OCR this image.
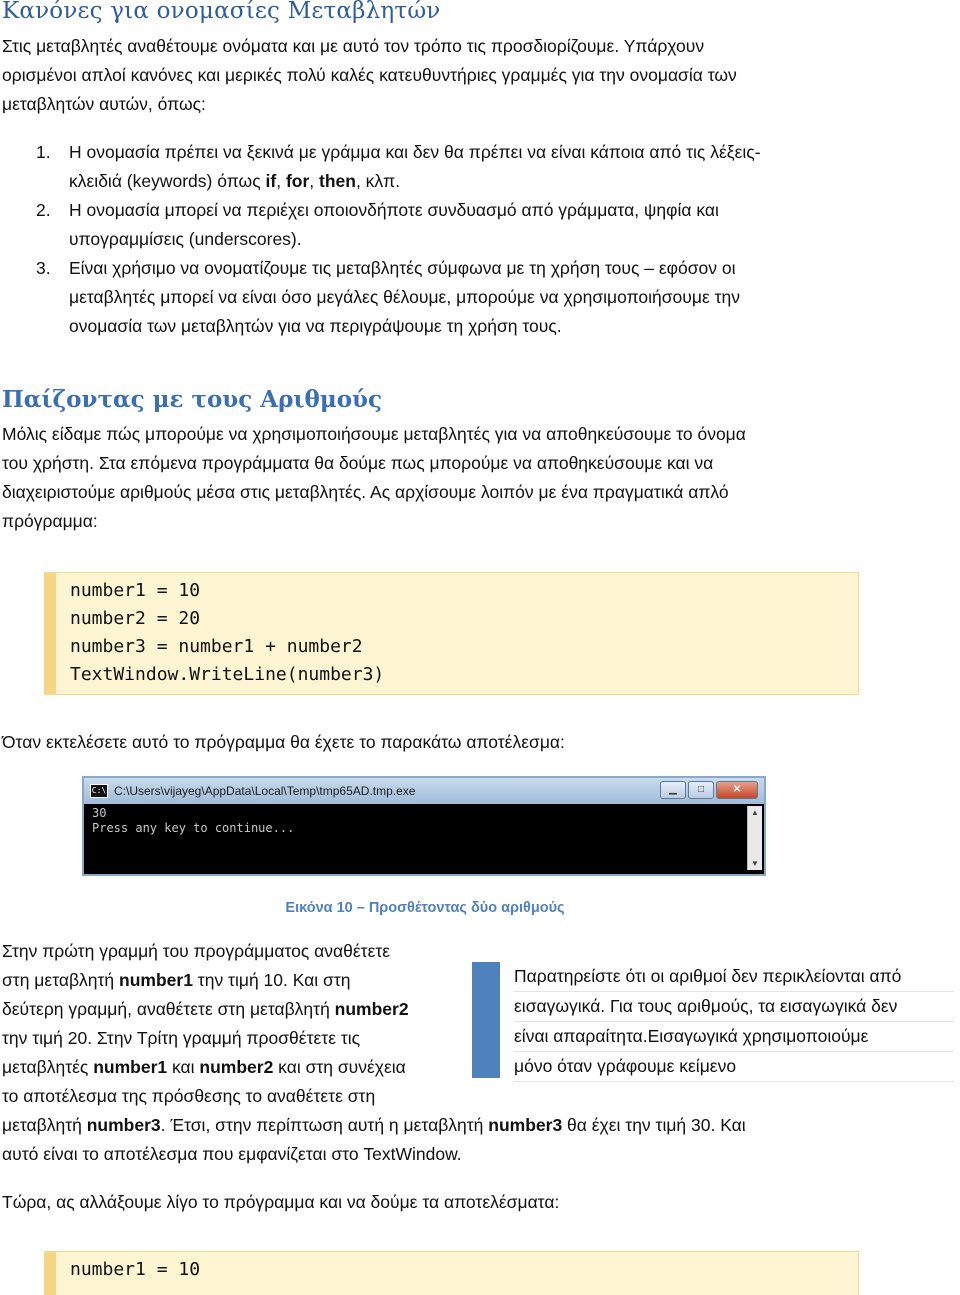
Κανόνες για ονομασίες Μεταβλητών
Στις μεταβλητές αναθέτουμε ονόματα και με αυτό τον τρόπο τις προσδιορίζουμε. Υπάρχουν
ορισμένοι απλοί κανόνες και μερικές πολύ καλές κατευθυντήριες γραμμές για την ονομασία των
μεταβλητών αυτών, όπως:
1. Η ονομασία πρέπει να ξεκινά με γράμμα και δεν θα πρέπει να είναι κάποια από τις λέξεις-
κλειδιά (keywords) όπως if, for, then, κλπ.
2. Η ονομασία μπορεί να περιέχει οποιονδήποτε συνδυασμό από γράμματα, ψηφία και
υπογραμμίσεις (underscores).
3. Είναι χρήσιμο να ονοματίζουμε τις μεταβλητές σύμφωνα με τη χρήση τους – εφόσον οι
μεταβλητές μπορεί να είναι όσο μεγάλες θέλουμε, μπορούμε να χρησιμοποιήσουμε την
ονομασία των μεταβλητών για να περιγράψουμε τη χρήση τους.
Παίζοντας με τους Αριθμούς
Μόλις είδαμε πώς μπορούμε να χρησιμοποιήσουμε μεταβλητές για να αποθηκεύσουμε το όνομα
του χρήστη. Στα επόμενα προγράμματα θα δούμε πως μπορούμε να αποθηκεύσουμε και να
διαχειριστούμε αριθμούς μέσα στις μεταβλητές. Ας αρχίσουμε λοιπόν με ένα πραγματικά απλό
πρόγραμμα:
number1 = 10
number2 = 20
number3 = number1 + number2
TextWindow.WriteLine(number3)
Όταν εκτελέσετε αυτό το πρόγραμμα θα έχετε το παρακάτω αποτέλεσμα:
C:\ C:\Users\vijayeg\AppData\Local\Temp\tmp65AD.tmp.exe	▁	□	✕
30
Press any key to continue...
▲
▼
Εικόνα 10 – Προσθέτοντας δύο αριθμούς
Στην πρώτη γραμμή του προγράμματος αναθέτετε
στη μεταβλητή number1 την τιμή 10. Και στη
δεύτερη γραμμή, αναθέτετε στη μεταβλητή number2
την τιμή 20. Στην Τρίτη γραμμή προσθέτετε τις
μεταβλητές number1 και number2 και στη συνέχεια
το αποτέλεσμα της πρόσθεσης το αναθέτετε στη
μεταβλητή number3. Έτσι, στην περίπτωση αυτή η μεταβλητή number3 θα έχει την τιμή 30. Και
αυτό είναι το αποτέλεσμα που εμφανίζεται στο TextWindow.
Παρατηρείστε ότι οι αριθμοί δεν περικλείονται από
εισαγωγικά. Για τους αριθμούς, τα εισαγωγικά δεν
είναι απαραίτητα.Εισαγωγικά χρησιμοποιούμε
μόνο όταν γράφουμε κείμενο
Τώρα, ας αλλάξουμε λίγο το πρόγραμμα και να δούμε τα αποτελέσματα:
number1 = 10
